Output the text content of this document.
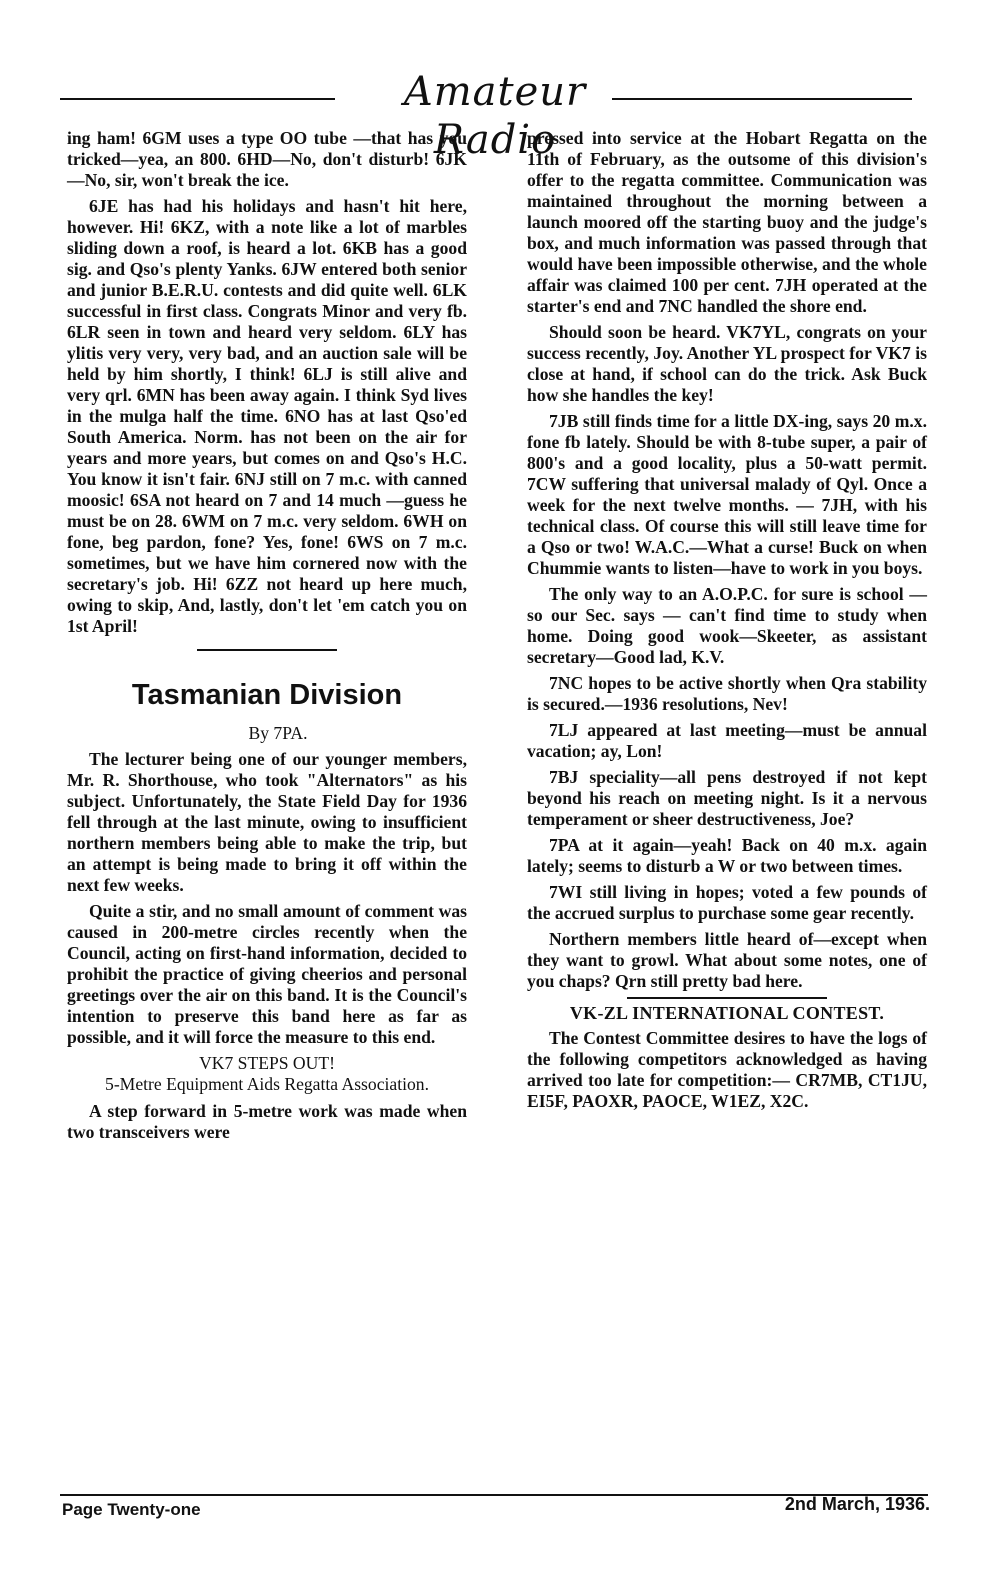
Amateur Radio

ing ham! 6GM uses a type OO tube —that has you tricked—yea, an 800. 6HD—No, don't disturb! 6JK—No, sir, won't break the ice.

6JE has had his holidays and hasn't hit here, however. Hi! 6KZ, with a note like a lot of marbles sliding down a roof, is heard a lot. 6KB has a good sig. and Qso's plenty Yanks. 6JW entered both senior and junior B.E.R.U. contests and did quite well. 6LK successful in first class. Congrats Minor and very fb. 6LR seen in town and heard very seldom. 6LY has ylitis very very, very bad, and an auction sale will be held by him shortly, I think! 6LJ is still alive and very qrl. 6MN has been away again. I think Syd lives in the mulga half the time. 6NO has at last Qso'ed South America. Norm. has not been on the air for years and more years, but comes on and Qso's H.C. You know it isn't fair. 6NJ still on 7 m.c. with canned moosic! 6SA not heard on 7 and 14 much —guess he must be on 28. 6WM on 7 m.c. very seldom. 6WH on fone, beg pardon, fone? Yes, fone! 6WS on 7 m.c. sometimes, but we have him cornered now with the secretary's job. Hi! 6ZZ not heard up here much, owing to skip, And, lastly, don't let 'em catch you on 1st April!

Tasmanian Division

By 7PA.

The lecturer being one of our younger members, Mr. R. Shorthouse, who took "Alternators" as his subject. Unfortunately, the State Field Day for 1936 fell through at the last minute, owing to insufficient northern members being able to make the trip, but an attempt is being made to bring it off within the next few weeks.

Quite a stir, and no small amount of comment was caused in 200-metre circles recently when the Council, acting on first-hand information, decided to prohibit the practice of giving cheerios and personal greetings over the air on this band. It is the Council's intention to preserve this band here as far as possible, and it will force the measure to this end.

VK7 STEPS OUT!

5-Metre Equipment Aids Regatta Association.

A step forward in 5-metre work was made when two transceivers were

pressed into service at the Hobart Regatta on the 11th of February, as the outsome of this division's offer to the regatta committee. Communication was maintained throughout the morning between a launch moored off the starting buoy and the judge's box, and much information was passed through that would have been impossible otherwise, and the whole affair was claimed 100 per cent. 7JH operated at the starter's end and 7NC handled the shore end.

Should soon be heard. VK7YL, congrats on your success recently, Joy. Another YL prospect for VK7 is close at hand, if school can do the trick. Ask Buck how she handles the key!

7JB still finds time for a little DX-ing, says 20 m.x. fone fb lately. Should be with 8-tube super, a pair of 800's and a good locality, plus a 50-watt permit. 7CW suffering that universal malady of Qyl. Once a week for the next twelve months. — 7JH, with his technical class. Of course this will still leave time for a Qso or two! W.A.C.—What a curse! Buck on when Chummie wants to listen—have to work in you boys.

The only way to an A.O.P.C. for sure is school — so our Sec. says — can't find time to study when home. Doing good wook—Skeeter, as assistant secretary—Good lad, K.V.

7NC hopes to be active shortly when Qra stability is secured.—1936 resolutions, Nev!

7LJ appeared at last meeting—must be annual vacation; ay, Lon!

7BJ speciality—all pens destroyed if not kept beyond his reach on meeting night. Is it a nervous temperament or sheer destructiveness, Joe?

7PA at it again—yeah! Back on 40 m.x. again lately; seems to disturb a W or two between times.

7WI still living in hopes; voted a few pounds of the accrued surplus to purchase some gear recently.

Northern members little heard of—except when they want to growl. What about some notes, one of you chaps? Qrn still pretty bad here.

VK-ZL INTERNATIONAL CONTEST.

The Contest Committee desires to have the logs of the following competitors acknowledged as having arrived too late for competition:— CR7MB, CT1JU, EI5F, PAOXR, PAOCE, W1EZ, X2C.

Page Twenty-one	2nd March, 1936.
